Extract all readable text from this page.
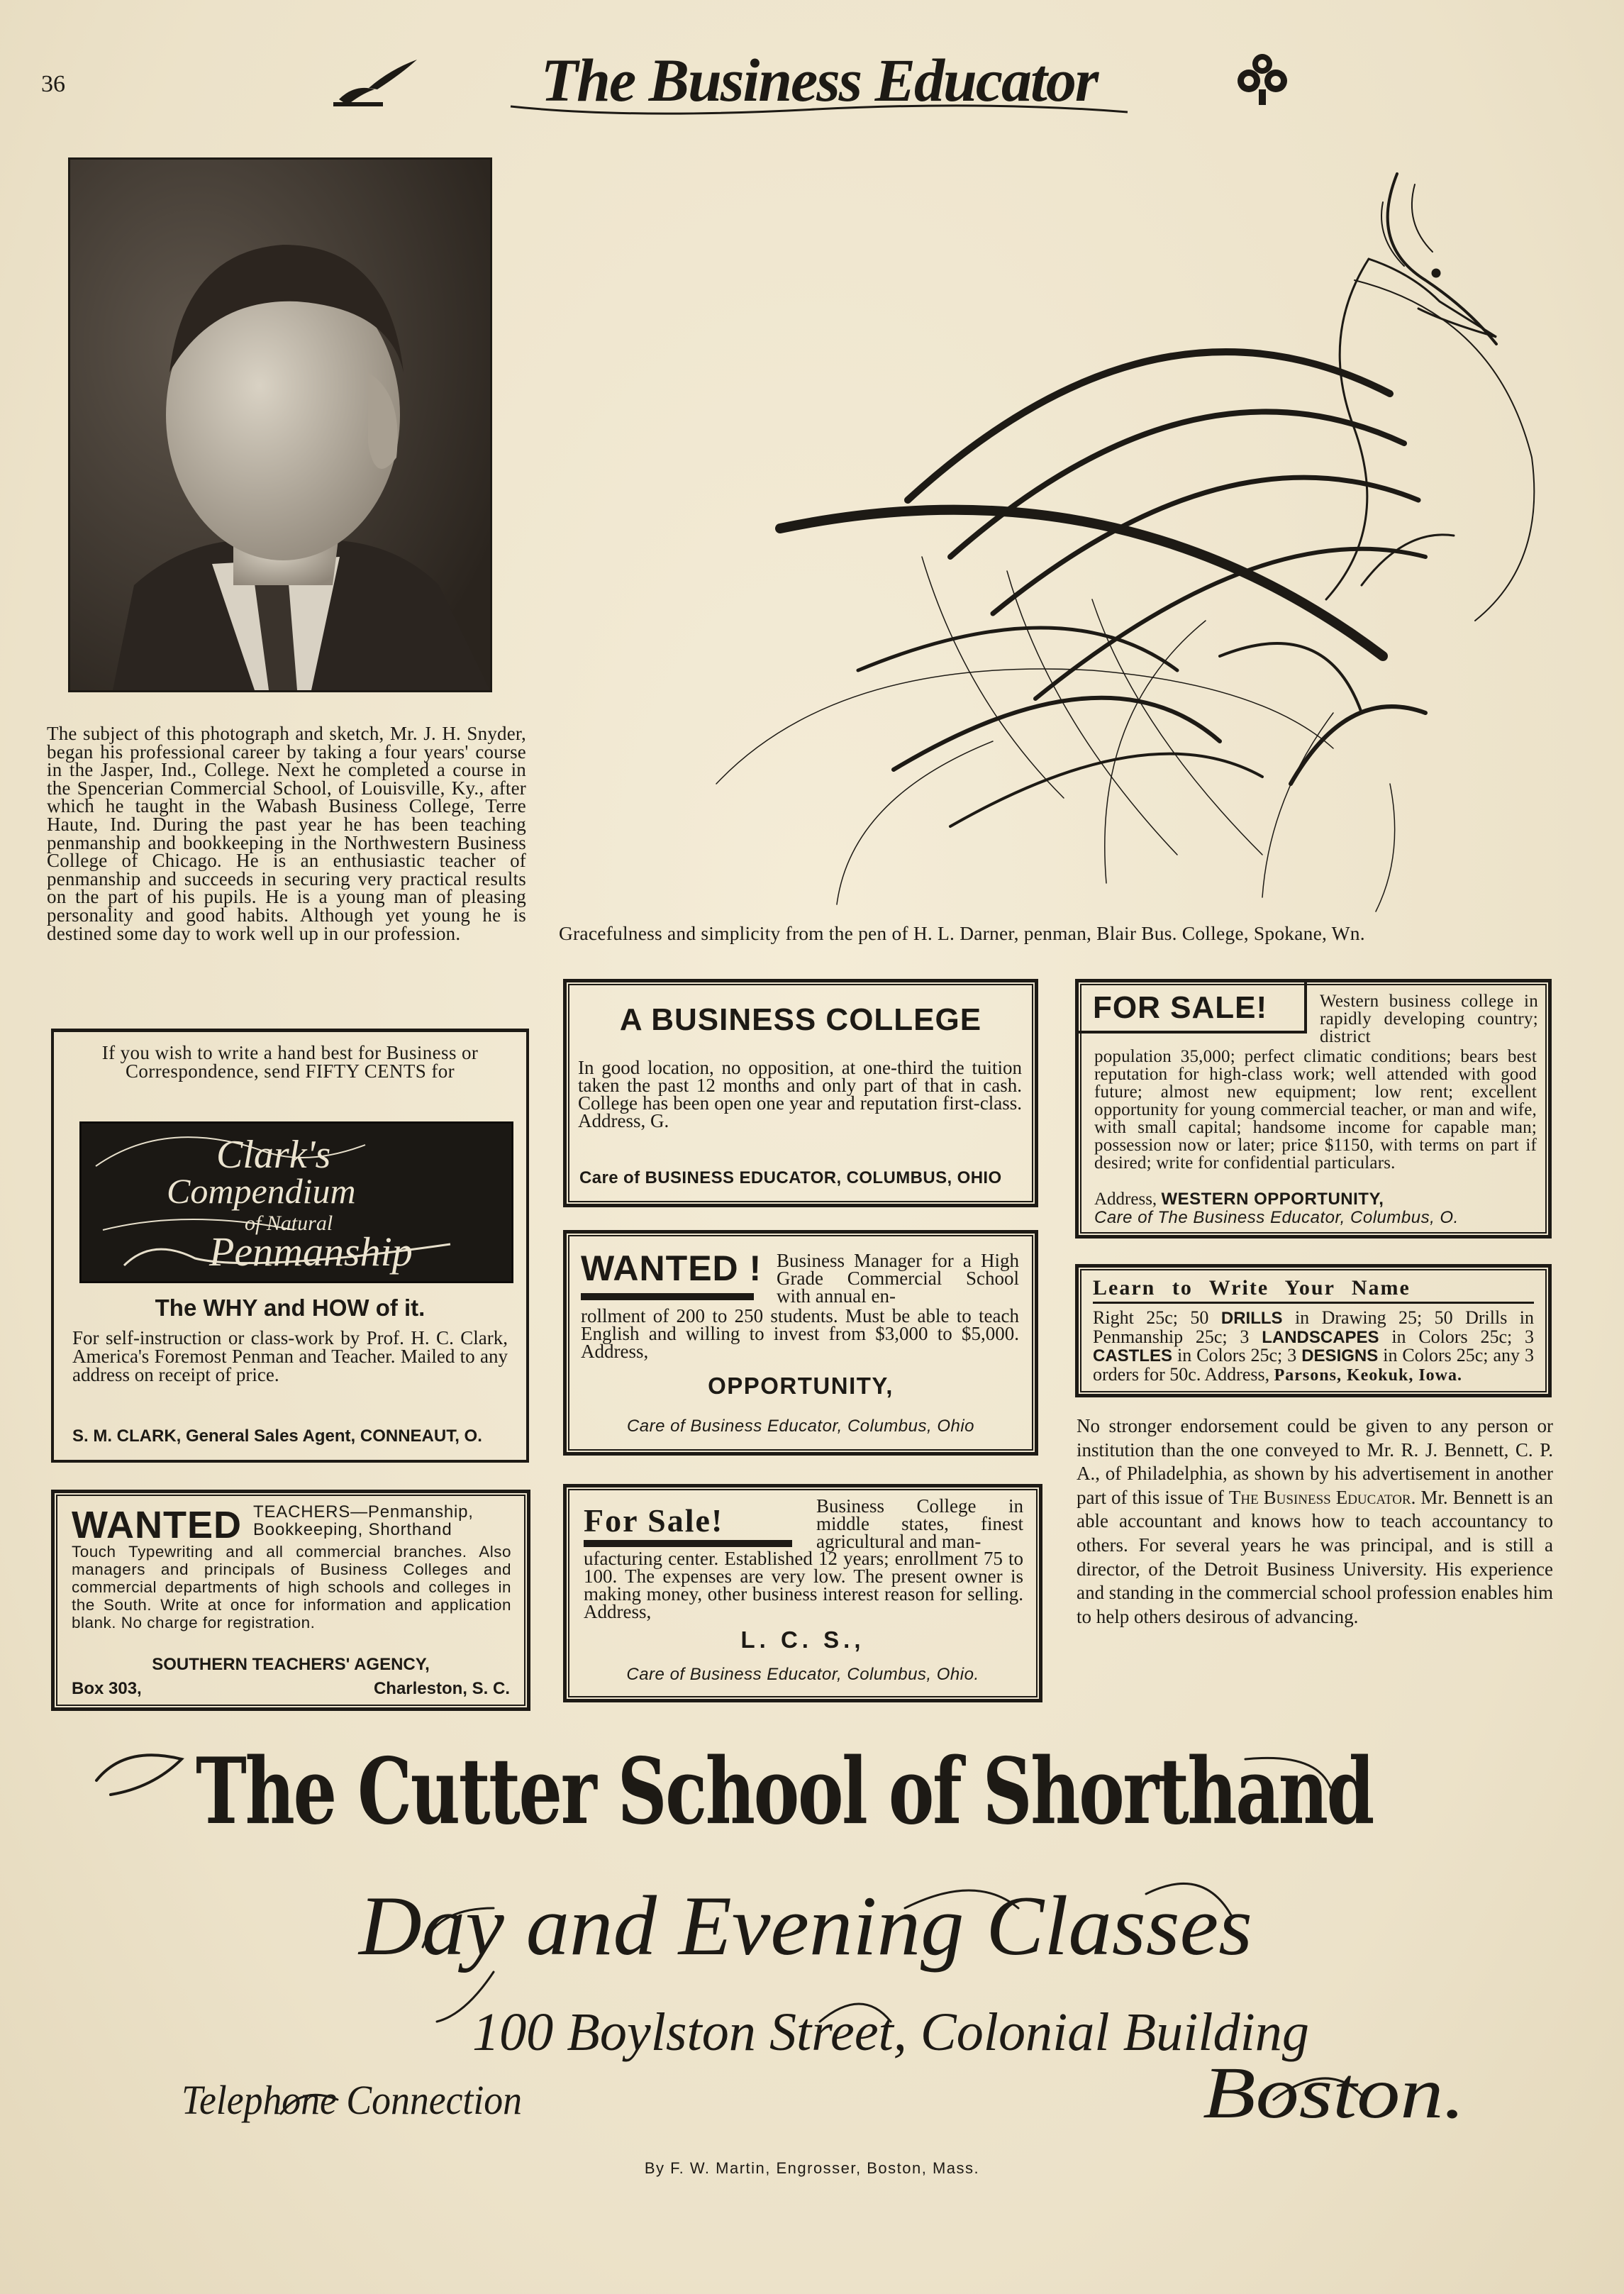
36	The Business Educator
The subject of this photograph and sketch, Mr. J. H. Snyder, began his professional career by taking a four years' course in the Jasper, Ind., College. Next he completed a course in the Spencerian Commercial School, of Louisville, Ky., after which he taught in the Wabash Business College, Terre Haute, Ind. During the past year he has been teaching penmanship and bookkeeping in the Northwestern Business College of Chicago. He is an enthusiastic teacher of penmanship and succeeds in securing very practical results on the part of his pupils. He is a young man of pleasing personality and good habits. Although yet young he is destined some day to work well up in our profession.
If you wish to write a hand best for Business or Correspondence, send FIFTY CENTS for
Clark's
Compendium
of Natural
Penmanship
The WHY and HOW of it.
For self-instruction or class-work by Prof. H. C. Clark, America's Foremost Penman and Teacher. Mailed to any address on receipt of price.
S. M. CLARK, General Sales Agent, CONNEAUT, O.
WANTED TEACHERS—Penmanship, Bookkeeping, Shorthand
Touch Typewriting and all commercial branches. Also managers and principals of Business Colleges and commercial departments of high schools and colleges in the South. Write at once for information and application blank. No charge for registration.
SOUTHERN TEACHERS' AGENCY,
Box 303,	Charleston, S. C.
Gracefulness and simplicity from the pen of H. L. Darner, penman, Blair Bus. College, Spokane, Wn.
A BUSINESS COLLEGE
In good location, no opposition, at one-third the tuition taken the past 12 months and only part of that in cash. College has been open one year and reputation first-class. Address, G.
Care of BUSINESS EDUCATOR, COLUMBUS, OHIO
WANTED ! Business Manager for a High Grade Commercial School with annual en-
rollment of 200 to 250 students. Must be able to teach English and willing to invest from $3,000 to $5,000. Address,
OPPORTUNITY,
Care of Business Educator, Columbus, Ohio
For Sale!	Business College in middle states, finest agricultural and man-
ufacturing center. Established 12 years; enrollment 75 to 100. The expenses are very low. The present owner is making money, other business interest reason for selling. Address,
L. C. S.,
Care of Business Educator, Columbus, Ohio.
FOR SALE!	Western business college in rapidly developing country; district
population 35,000; perfect climatic conditions; bears best reputation for high-class work; well attended with good future; almost new equipment; low rent; excellent opportunity for young commercial teacher, or man and wife, with small capital; handsome income for capable man; possession now or later; price $1150, with terms on part if desired; write for confidential particulars.
Address, WESTERN OPPORTUNITY,
Care of The Business Educator, Columbus, O.
Learn to Write Your Name
Right 25c; 50 DRILLS in Drawing 25; 50 Drills in Penmanship 25c; 3 LANDSCAPES in Colors 25c; 3 CASTLES in Colors 25c; 3 DESIGNS in Colors 25c; any 3 orders for 50c. Address, Parsons, Keokuk, Iowa.
No stronger endorsement could be given to any person or institution than the one conveyed to Mr. R. J. Bennett, C. P. A., of Philadelphia, as shown by his advertisement in another part of this issue of The Business Educator. Mr. Bennett is an able accountant and knows how to teach accountancy to others. For several years he was principal, and is still a director, of the Detroit Business University. His experience and standing in the commercial school profession enables him to help others desirous of advancing.
The Cutter School of Shorthand
Day and Evening Classes
100 Boylston Street, Colonial Building
Telephone Connection	Boston.
By F. W. Martin, Engrosser, Boston, Mass.
